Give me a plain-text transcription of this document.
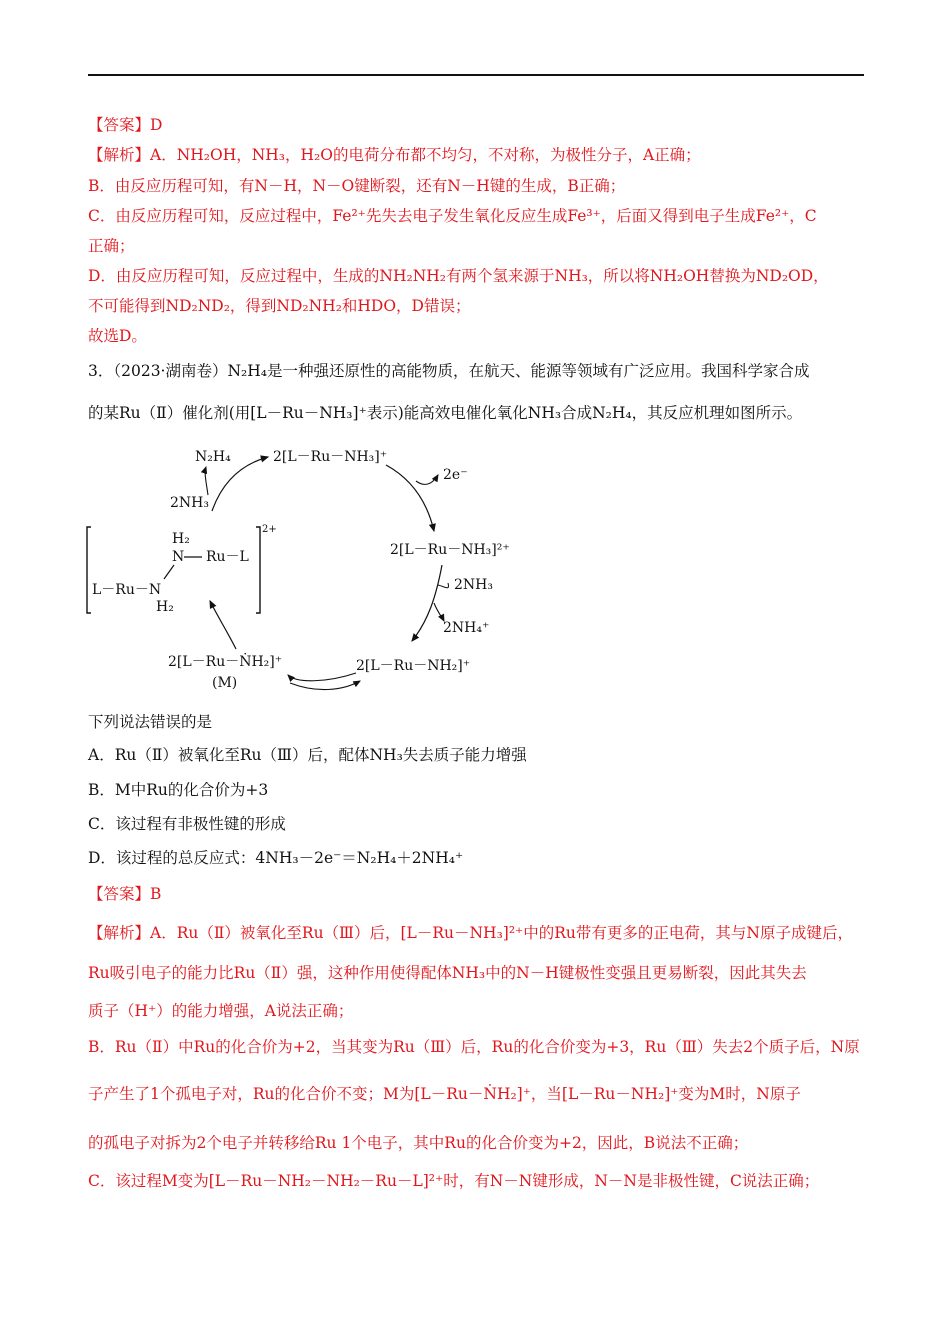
【答案】D
【解析】A．NH₂OH，NH₃，H₂O的电荷分布都不均匀，不对称，为极性分子，A正确；
B．由反应历程可知，有N－H，N－O键断裂，还有N－H键的生成，B正确；
C．由反应历程可知，反应过程中，Fe²⁺先失去电子发生氧化反应生成Fe³⁺，后面又得到电子生成Fe²⁺，C
正确；
D．由反应历程可知，反应过程中，生成的NH₂NH₂有两个氢来源于NH₃，所以将NH₂OH替换为ND₂OD，
不可能得到ND₂ND₂，得到ND₂NH₂和HDO，D错误；
故选D。
3．（2023·湖南卷）N₂H₄是一种强还原性的高能物质，在航天、能源等领域有广泛应用。我国科学家合成
的某Ru（Ⅱ）催化剂(用[L－Ru－NH₃]⁺表示)能高效电催化氧化NH₃合成N₂H₄，其反应机理如图所示。
N₂H₄	2[L－Ru－NH₃]⁺
2e⁻
2NH₃
2[L－Ru－NH₃]²⁺
2NH₃
2NH₄⁺
2[L－Ru－NH₂]⁺
2[L－Ru－ṄH₂]⁺
(M)
2+
H₂
N Ru－L
L－Ru－N
H₂
下列说法错误的是
A．Ru（Ⅱ）被氧化至Ru（Ⅲ）后，配体NH₃失去质子能力增强
B．M中Ru的化合价为+3
C．该过程有非极性键的形成
D．该过程的总反应式：4NH₃－2e⁻＝N₂H₄＋2NH₄⁺
【答案】B
【解析】A．Ru（Ⅱ）被氧化至Ru（Ⅲ）后，[L－Ru－NH₃]²⁺中的Ru带有更多的正电荷，其与N原子成键后，
Ru吸引电子的能力比Ru（Ⅱ）强，这种作用使得配体NH₃中的N－H键极性变强且更易断裂，因此其失去
质子（H⁺）的能力增强，A说法正确；
B．Ru（Ⅱ）中Ru的化合价为+2，当其变为Ru（Ⅲ）后，Ru的化合价变为+3，Ru（Ⅲ）失去2个质子后，N原
子产生了1个孤电子对，Ru的化合价不变；M为[L－Ru－ṄH₂]⁺，当[L－Ru－NH₂]⁺变为M时，N原子
的孤电子对拆为2个电子并转移给Ru 1个电子，其中Ru的化合价变为+2，因此，B说法不正确；
C．该过程M变为[L－Ru－NH₂－NH₂－Ru－L]²⁺时，有N－N键形成，N－N是非极性键，C说法正确；
